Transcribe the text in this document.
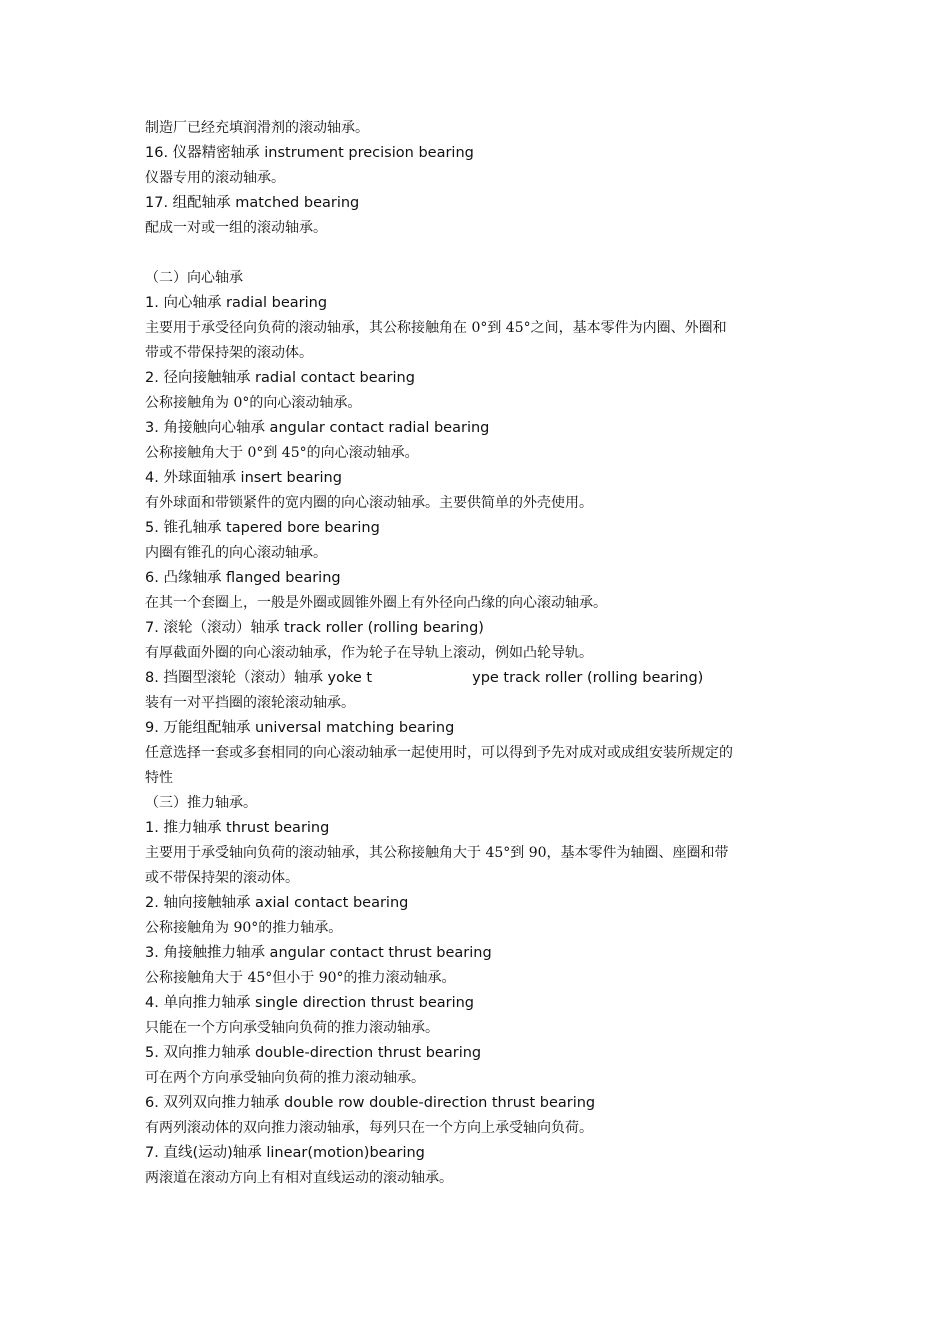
制造厂已经充填润滑剂的滚动轴承。
16. 仪器精密轴承 instrument precision bearing
仪器专用的滚动轴承。
17. 组配轴承 matched bearing
配成一对或一组的滚动轴承。
（二）向心轴承
1. 向心轴承 radial bearing
主要用于承受径向负荷的滚动轴承，其公称接触角在 0°到 45°之间，基本零件为内圈、外圈和
带或不带保持架的滚动体。
2. 径向接触轴承 radial contact bearing
公称接触角为 0°的向心滚动轴承。
3. 角接触向心轴承 angular contact radial bearing
公称接触角大于 0°到 45°的向心滚动轴承。
4. 外球面轴承 insert bearing
有外球面和带锁紧件的宽内圈的向心滚动轴承。主要供简单的外壳使用。
5. 锥孔轴承 tapered bore bearing
内圈有锥孔的向心滚动轴承。
6. 凸缘轴承 flanged bearing
在其一个套圈上，一般是外圈或圆锥外圈上有外径向凸缘的向心滚动轴承。
7. 滚轮（滚动）轴承 track roller (rolling bearing)
有厚截面外圈的向心滚动轴承，作为轮子在导轨上滚动，例如凸轮导轨。
8. 挡圈型滚轮（滚动）轴承 yoke t	ype track roller (rolling bearing)
装有一对平挡圈的滚轮滚动轴承。
9. 万能组配轴承 universal matching bearing
任意选择一套或多套相同的向心滚动轴承一起使用时，可以得到予先对成对或成组安装所规定的
特性
（三）推力轴承。
1. 推力轴承 thrust bearing
主要用于承受轴向负荷的滚动轴承，其公称接触角大于 45°到 90，基本零件为轴圈、座圈和带
或不带保持架的滚动体。
2. 轴向接触轴承 axial contact bearing
公称接触角为 90°的推力轴承。
3. 角接触推力轴承 angular contact thrust bearing
公称接触角大于 45°但小于 90°的推力滚动轴承。
4. 单向推力轴承 single direction thrust bearing
只能在一个方向承受轴向负荷的推力滚动轴承。
5. 双向推力轴承 double-direction thrust bearing
可在两个方向承受轴向负荷的推力滚动轴承。
6. 双列双向推力轴承 double row double-direction thrust bearing
有两列滚动体的双向推力滚动轴承，每列只在一个方向上承受轴向负荷。
7. 直线(运动)轴承 linear(motion)bearing
两滚道在滚动方向上有相对直线运动的滚动轴承。
